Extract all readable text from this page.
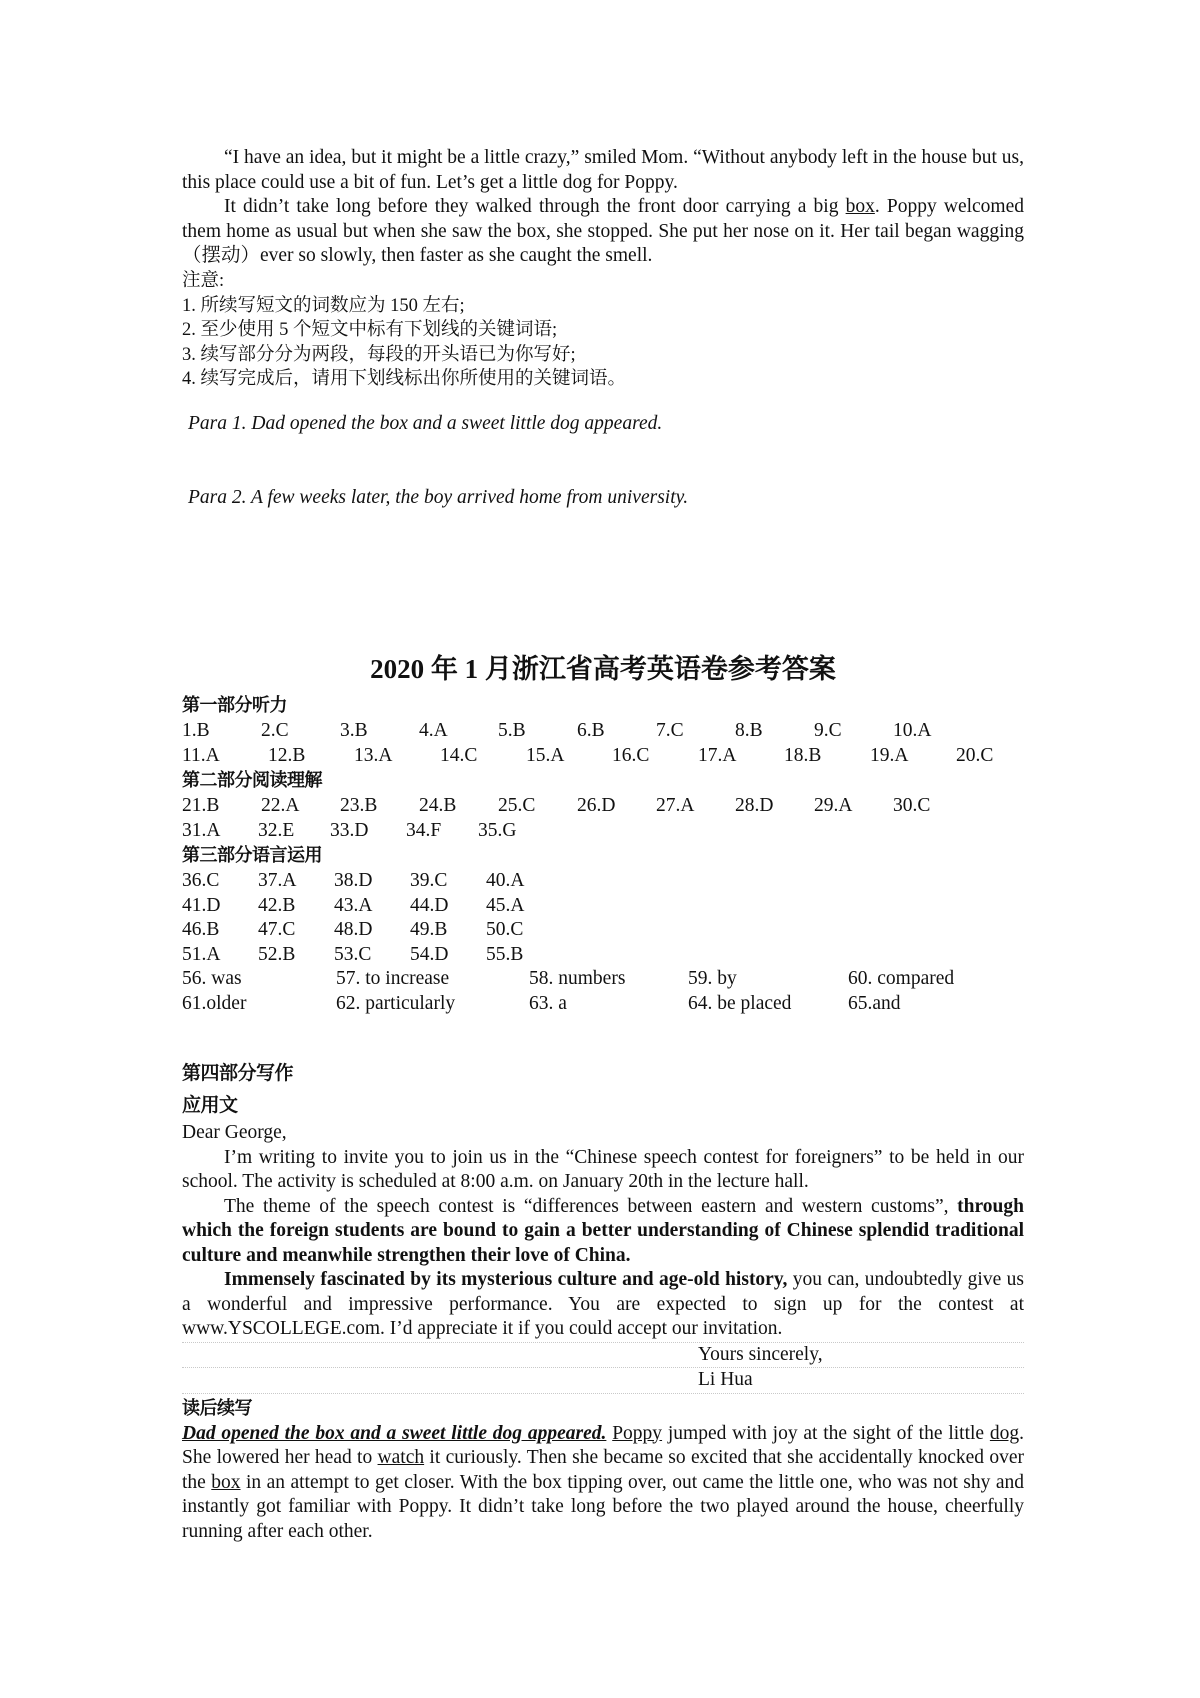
“I have an idea, but it might be a little crazy,” smiled Mom. “Without anybody left in the house but us, this place could use a bit of fun. Let’s get a little dog for Poppy.

It didn’t take long before they walked through the front door carrying a big box. Poppy welcomed them home as usual but when she saw the box, she stopped. She put her nose on it. Her tail began wagging（摆动）ever so slowly, then faster as she caught the smell.

注意:

1. 所续写短文的词数应为 150 左右;

2. 至少使用 5 个短文中标有下划线的关键词语;

3. 续写部分分为两段，每段的开头语已为你写好;

4. 续写完成后，请用下划线标出你所使用的关键词语。

Para 1. Dad opened the box and a sweet little dog appeared.

Para 2. A few weeks later, the boy arrived home from university.

2020 年 1 月浙江省高考英语卷参考答案

第一部分听力

1.B	2.C	3.B	4.A	5.B	6.B	7.C	8.B	9.C	10.A
11.A	12.B	13.A	14.C	15.A	16.C	17.A	18.B	19.A	20.C

第二部分阅读理解

21.B	22.A	23.B	24.B	25.C	26.D	27.A	28.D	29.A	30.C
31.A	32.E	33.D	34.F	35.G

第三部分语言运用

36.C	37.A	38.D	39.C	40.A
41.D	42.B	43.A	44.D	45.A
46.B	47.C	48.D	49.B	50.C
51.A	52.B	53.C	54.D	55.B
56. was	57. to increase	58. numbers	59. by	60. compared
61.older	62. particularly	63. a	64. be placed	65.and

第四部分写作

应用文

Dear George,

I’m writing to invite you to join us in the “Chinese speech contest for foreigners” to be held in our school. The activity is scheduled at 8:00 a.m. on January 20th in the lecture hall.

The theme of the speech contest is “differences between eastern and western customs”, through which the foreign students are bound to gain a better understanding of Chinese splendid traditional culture and meanwhile strengthen their love of China.

Immensely fascinated by its mysterious culture and age-old history, you can, undoubtedly give us a wonderful and impressive performance. You are expected to sign up for the contest at www.YSCOLLEGE.com. I’d appreciate it if you could accept our invitation.

Yours sincerely,

Li Hua

读后续写

Dad opened the box and a sweet little dog appeared. Poppy jumped with joy at the sight of the little dog. She lowered her head to watch it curiously. Then she became so excited that she accidentally knocked over the box in an attempt to get closer. With the box tipping over, out came the little one, who was not shy and instantly got familiar with Poppy. It didn’t take long before the two played around the house, cheerfully running after each other.
